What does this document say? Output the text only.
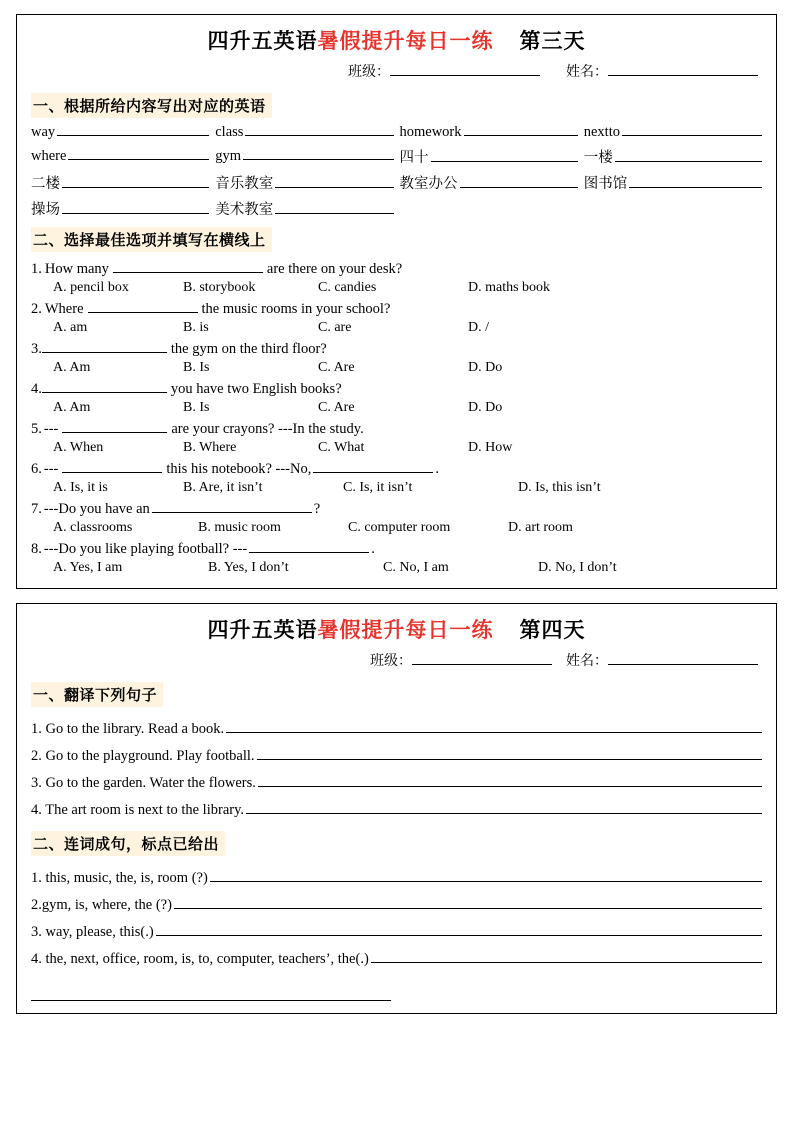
四升五英语 暑假提升每日一练 第三天
班级：	姓名：
一、根据所给内容写出对应的英语
way	class	homework	nextto
where	gym	四十	一楼
二楼	音乐教室	教室办公	图书馆
操场	美术教室
二、选择最佳选项并填写在横线上
1. How many	are there on your desk?
A. pencil box	B. storybook	C. candies	D. maths book
2. Where	the music rooms in your school?
A. am	B. is	C. are	D. /
3.	the gym on the third floor?
A. Am	B. Is	C. Are	D. Do
4.	you have two English books?
A. Am	B. Is	C. Are	D. Do
5. ---	are your crayons? ---In the study.
A. When	B. Where	C. What	D. How
6. ---	this his notebook? ---No,	.
A. Is, it is	B. Are, it isn’t	C. Is, it isn’t	D. Is, this isn’t
7. ---Do you have an	?
A. classrooms	B. music room	C. computer room	D. art room
8. ---Do you like playing football? ---	.
A. Yes, I am	B. Yes, I don’t	C. No, I am	D. No, I don’t
四升五英语 暑假提升每日一练 第四天
班级：	姓名：
一、翻译下列句子
1. Go to the library. Read a book.
2. Go to the playground. Play football.
3. Go to the garden. Water the flowers.
4. The art room is next to the library.
二、连词成句，标点已给出
1. this, music, the, is, room (?)
2.gym, is, where, the (?)
3. way, please, this(.)
4. the, next, office, room, is, to, computer, teachers’, the(.)
